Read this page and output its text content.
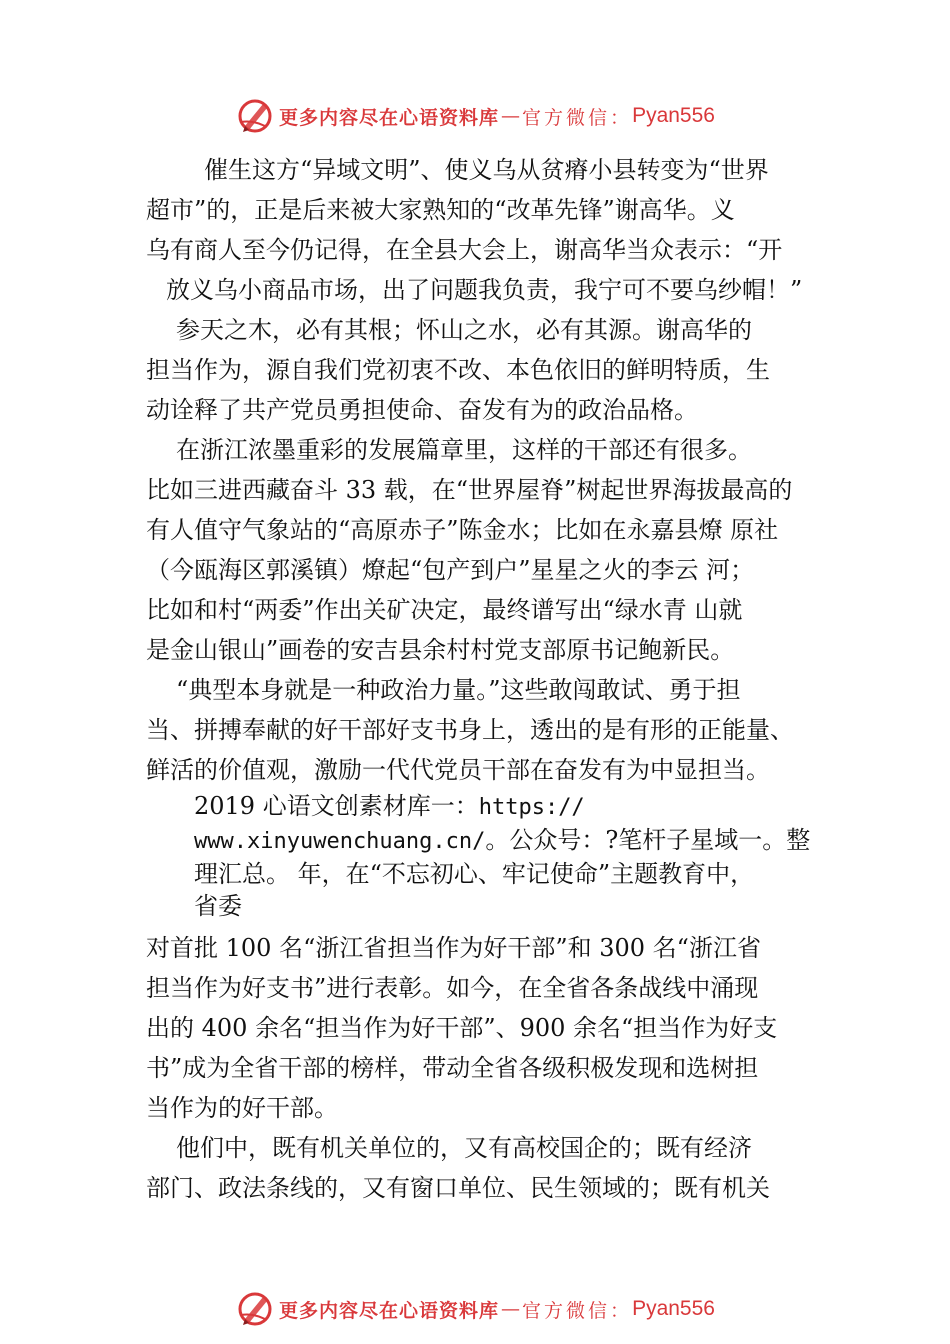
更多内容尽在心语资料库 — 官方微信： Pyan556
催生这方“异域文明”、使义乌从贫瘠小县转变为“世界
超市”的，正是后来被大家熟知的“改革先锋”谢高华。义
乌有商人至今仍记得，在全县大会上，谢高华当众表示：“开
放义乌小商品市场，出了问题我负责，我宁可不要乌纱帽！”
参天之木，必有其根；怀山之水，必有其源。谢高华的
担当作为，源自我们党初衷不改、本色依旧的鲜明特质，生
动诠释了共产党员勇担使命、奋发有为的政治品格。
在浙江浓墨重彩的发展篇章里，这样的干部还有很多。
比如三进西藏奋斗 33 载，在“世界屋脊”树起世界海拔最高的
有人值守气象站的“高原赤子”陈金水；比如在永嘉县燎 原社
（今瓯海区郭溪镇）燎起“包产到户”星星之火的李云 河；
比如和村“两委”作出关矿决定，最终谱写出“绿水青 山就
是金山银山”画卷的安吉县余村村党支部原书记鲍新民。
“典型本身就是一种政治力量。”这些敢闯敢试、勇于担
当、拼搏奉献的好干部好支书身上，透出的是有形的正能量、
鲜活的价值观，激励一代代党员干部在奋发有为中显担当。
2019 心语文创素材库一：https://
www.xinyuwenchuang.cn/。公众号：?笔杆子星域一。整
理汇总。 年，在“不忘初心、牢记使命”主题教育中，
省委
对首批 100 名“浙江省担当作为好干部”和 300 名“浙江省
担当作为好支书”进行表彰。如今，在全省各条战线中涌现
出的 400 余名“担当作为好干部”、900 余名“担当作为好支
书”成为全省干部的榜样，带动全省各级积极发现和选树担
当作为的好干部。
他们中，既有机关单位的，又有高校国企的；既有经济
部门、政法条线的，又有窗口单位、民生领域的；既有机关
更多内容尽在心语资料库 — 官方微信： Pyan556
